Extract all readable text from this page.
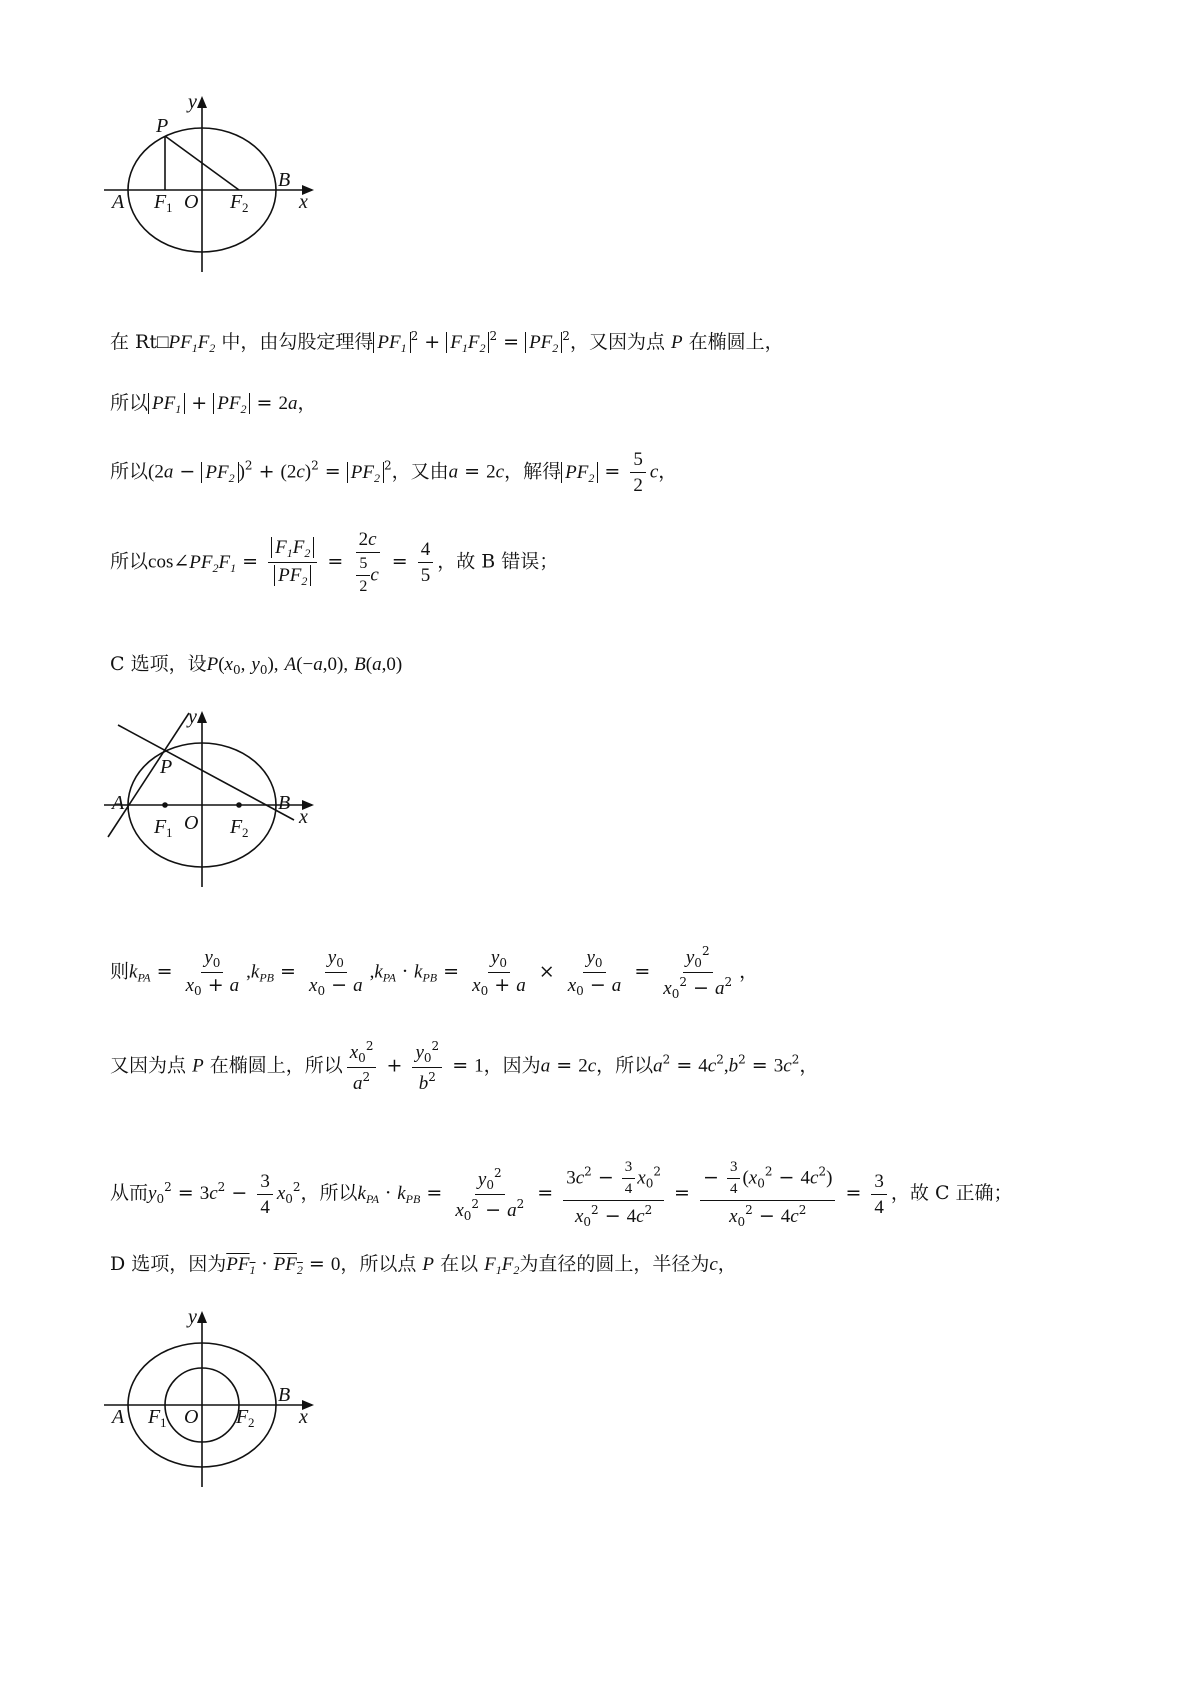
y
x
P
A
B
F 1 O F 2
在 $Rt□PF_1F_2$ 中，由勾股定理得 $PF_1^2 + F_1F_2^2 = PF_2^2$，又因为点 P 在椭圆上，
所以 $PF_1 + PF_2 = 2a$，
所以($2a - PF_2$ )$^2 + (2c)^2 = PF_2^2$，又由a = 2c，解得 $PF_2 = \frac{5}{2}$ c，
所以$\cos\angle PF_2F_1 = \frac{F_1F_2}{PF_2} = \frac{2c}{\frac{5}{2} c} = \frac{4}{5}$ ，故 B 错误；
C 选项，设$P(x_0$, $y_0$), A(−a,0), B(a,0)
y
x
P
A	B
F 1 O F 2
则$k_{PA} = \frac{y_0}{x_0 + a} ,k_{PB} = \frac{y_0}{x_0 - a} ,k_{PA} \cdot k_{PB} = \frac{y_0}{x_0 + a} \times \frac{y_0}{x_0 - a} = \frac{y_0^2}{x_0^2 - a^2}$ ，
又因为点 P 在椭圆上，所以 $\frac{x_0^2}{a^2} + \frac{y_0^2}{b^2} = 1$，因为a = 2c，所以$a^2 = 4c^2,b^2 = 3c^2$，
从而$y_0^2 = 3c^2 - \frac{3}{4} x_0^2$，所以$k_{PA} \cdot k_{PB} = \frac{y_0^2}{x_0^2 - a^2} = \frac{3c^2 - \frac{3}{4} x_0^2}{x_0^2 - 4c^2} = \frac{- \frac{3}{4} (x_0^2 - 4c^2)}{x_0^2 - 4c^2} = \frac{3}{4}$ ，故 C 正确；
D 选项，因为$PF_1 \cdot PF_2 = 0$，所以点 P 在以 $F_1F_2$为直径的圆上，半径为c，
y
x
A
B
F 1 O F 2
